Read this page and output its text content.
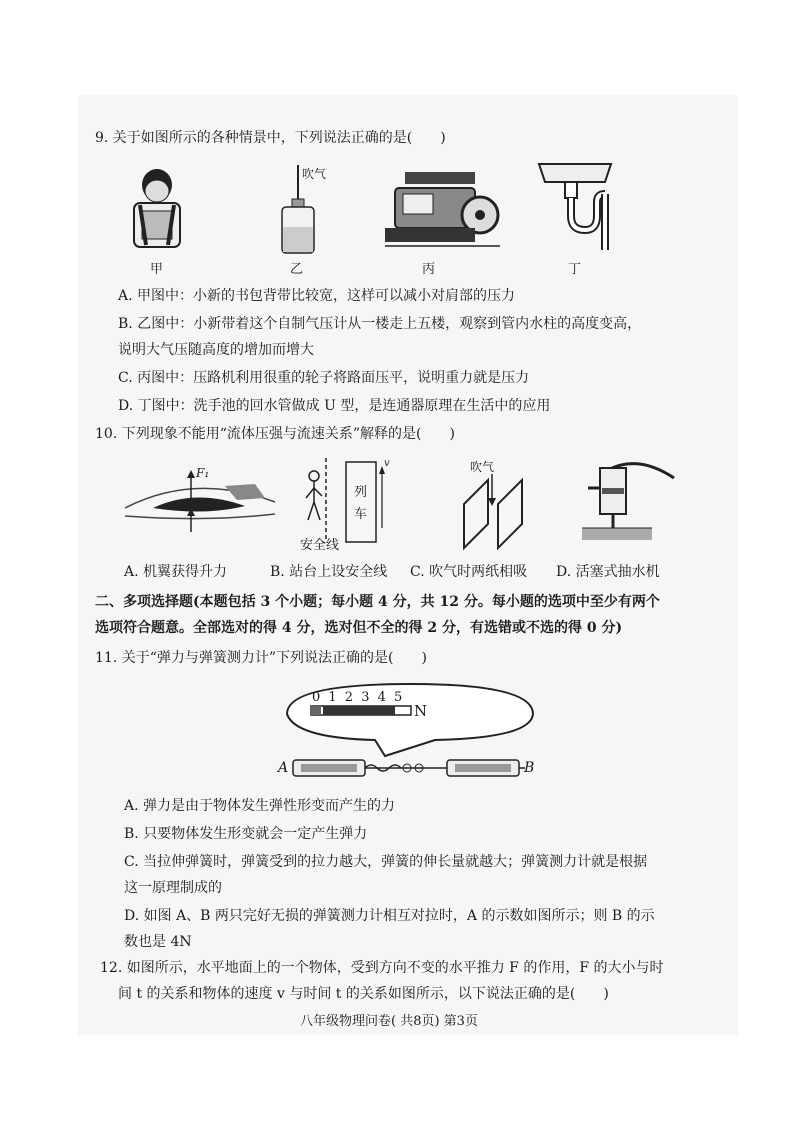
9. 关于如图所示的各种情景中，下列说法正确的是(　　)
甲
吹气
乙	丙	丁
A. 甲图中：小新的书包背带比较宽，这样可以减小对肩部的压力
B. 乙图中：小新带着这个自制气压计从一楼走上五楼，观察到管内水柱的高度变高，
说明大气压随高度的增加而增大
C. 丙图中：压路机利用很重的轮子将路面压平，说明重力就是压力
D. 丁图中：洗手池的回水管做成 U 型，是连通器原理在生活中的应用
10. 下列现象不能用“流体压强与流速关系”解释的是(　　)
F₁
列车
v
安全线
吹气
A. 机翼获得升力	B. 站台上设安全线 C. 吹气时两纸相吸 D. 活塞式抽水机
二、多项选择题(本题包括 3 个小题；每小题 4 分，共 12 分。每小题的选项中至少有两个
选项符合题意。全部选对的得 4 分，选对但不全的得 2 分，有选错或不选的得 0 分)
11. 关于“弹力与弹簧测力计”下列说法正确的是(　　)
0 1 2 3 4 5
N
A	B
A. 弹力是由于物体发生弹性形变而产生的力
B. 只要物体发生形变就会一定产生弹力
C. 当拉伸弹簧时，弹簧受到的拉力越大，弹簧的伸长量就越大；弹簧测力计就是根据
这一原理制成的
D. 如图 A、B 两只完好无损的弹簧测力计相互对拉时，A 的示数如图所示；则 B 的示
数也是 4N
12. 如图所示，水平地面上的一个物体，受到方向不变的水平推力 F 的作用，F 的大小与时
间 t 的关系和物体的速度 v 与时间 t 的关系如图所示，以下说法正确的是(　　)
八年级物理问卷( 共8页) 第3页
